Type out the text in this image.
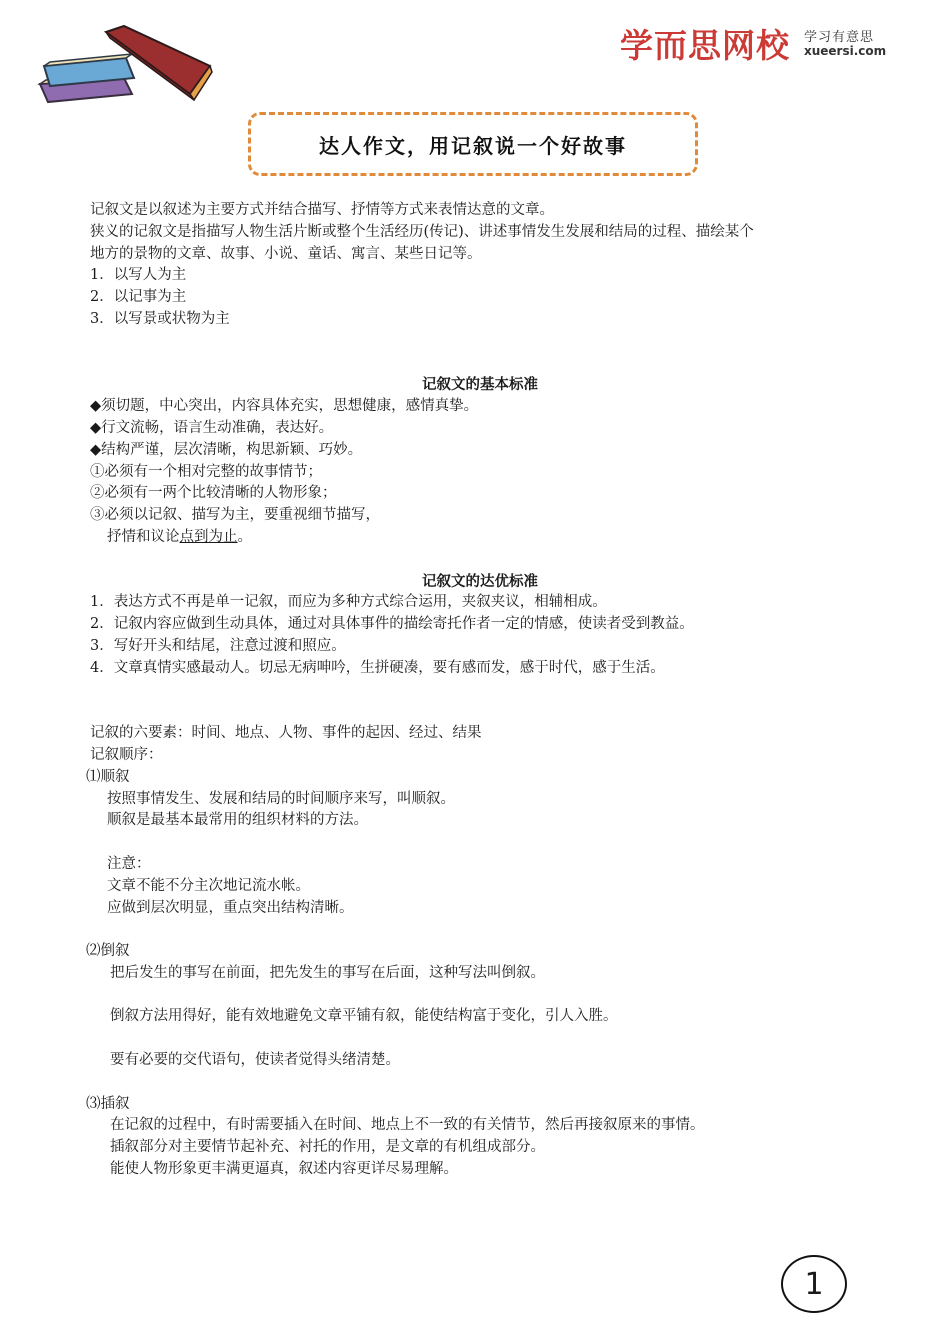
学而思网校 学习有意思
xueersi.com
达人作文，用记叙说一个好故事
记叙文是以叙述为主要方式并结合描写、抒情等方式来表情达意的文章。
狭义的记叙文是指描写人物生活片断或整个生活经历(传记)、讲述事情发生发展和结局的过程、描绘某个
地方的景物的文章、故事、小说、童话、寓言、某些日记等。
1．以写人为主
2．以记事为主
3．以写景或状物为主
记叙文的基本标准
◆须切题，中心突出，内容具体充实，思想健康，感情真挚。
◆行文流畅，语言生动准确，表达好。
◆结构严谨，层次清晰，构思新颖、巧妙。
①必须有一个相对完整的故事情节；
②必须有一两个比较清晰的人物形象；
③必须以记叙、描写为主，要重视细节描写，
抒情和议论点到为止。
记叙文的达优标准
1．表达方式不再是单一记叙，而应为多种方式综合运用，夹叙夹议，相辅相成。
2．记叙内容应做到生动具体，通过对具体事件的描绘寄托作者一定的情感，使读者受到教益。
3．写好开头和结尾，注意过渡和照应。
4．文章真情实感最动人。切忌无病呻吟，生拼硬凑，要有感而发，感于时代，感于生活。
记叙的六要素：时间、地点、人物、事件的起因、经过、结果
记叙顺序：
⑴顺叙
按照事情发生、发展和结局的时间顺序来写，叫顺叙。
顺叙是最基本最常用的组织材料的方法。
注意：
文章不能不分主次地记流水帐。
应做到层次明显，重点突出结构清晰。
⑵倒叙
把后发生的事写在前面，把先发生的事写在后面，这种写法叫倒叙。
倒叙方法用得好，能有效地避免文章平铺有叙，能使结构富于变化，引人入胜。
要有必要的交代语句，使读者觉得头绪清楚。
⑶插叙
在记叙的过程中，有时需要插入在时间、地点上不一致的有关情节，然后再接叙原来的事情。
插叙部分对主要情节起补充、衬托的作用，是文章的有机组成部分。
能使人物形象更丰满更逼真，叙述内容更详尽易理解。
1
